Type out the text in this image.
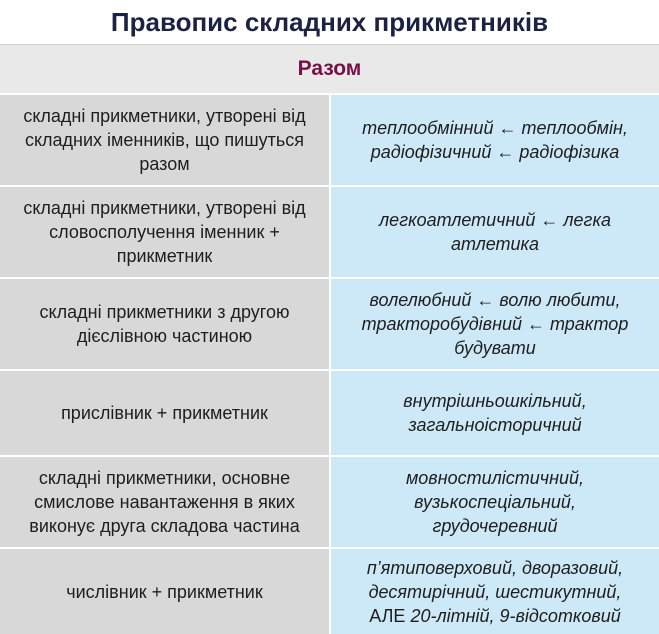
Правопис складних прикметників
Разом
складні прикметники, утворені від складних іменників, що пишуться разом	теплообмінний ← теплообмін,
радіофізичний ← радіофізика

складні прикметники, утворені від словосполучення іменник + прикметник	легкоатлетичний ← легка
атлетика

складні прикметники з другою дієслівною частиною	волелюбний ← волю любити,
тракторобудівний ← трактор
будувати

прислівник + прикметник	внутрішньошкільний,
загальноісторичний

складні прикметники, основне смислове навантаження в яких виконує друга складова частина	мовностилістичний,
вузькоспеціальний,
грудочеревний

числівник + прикметник	п’ятиповерховий, дворазовий,
десятирічний, шестикутний,
АЛЕ 20-літній, 9-відсотковий
